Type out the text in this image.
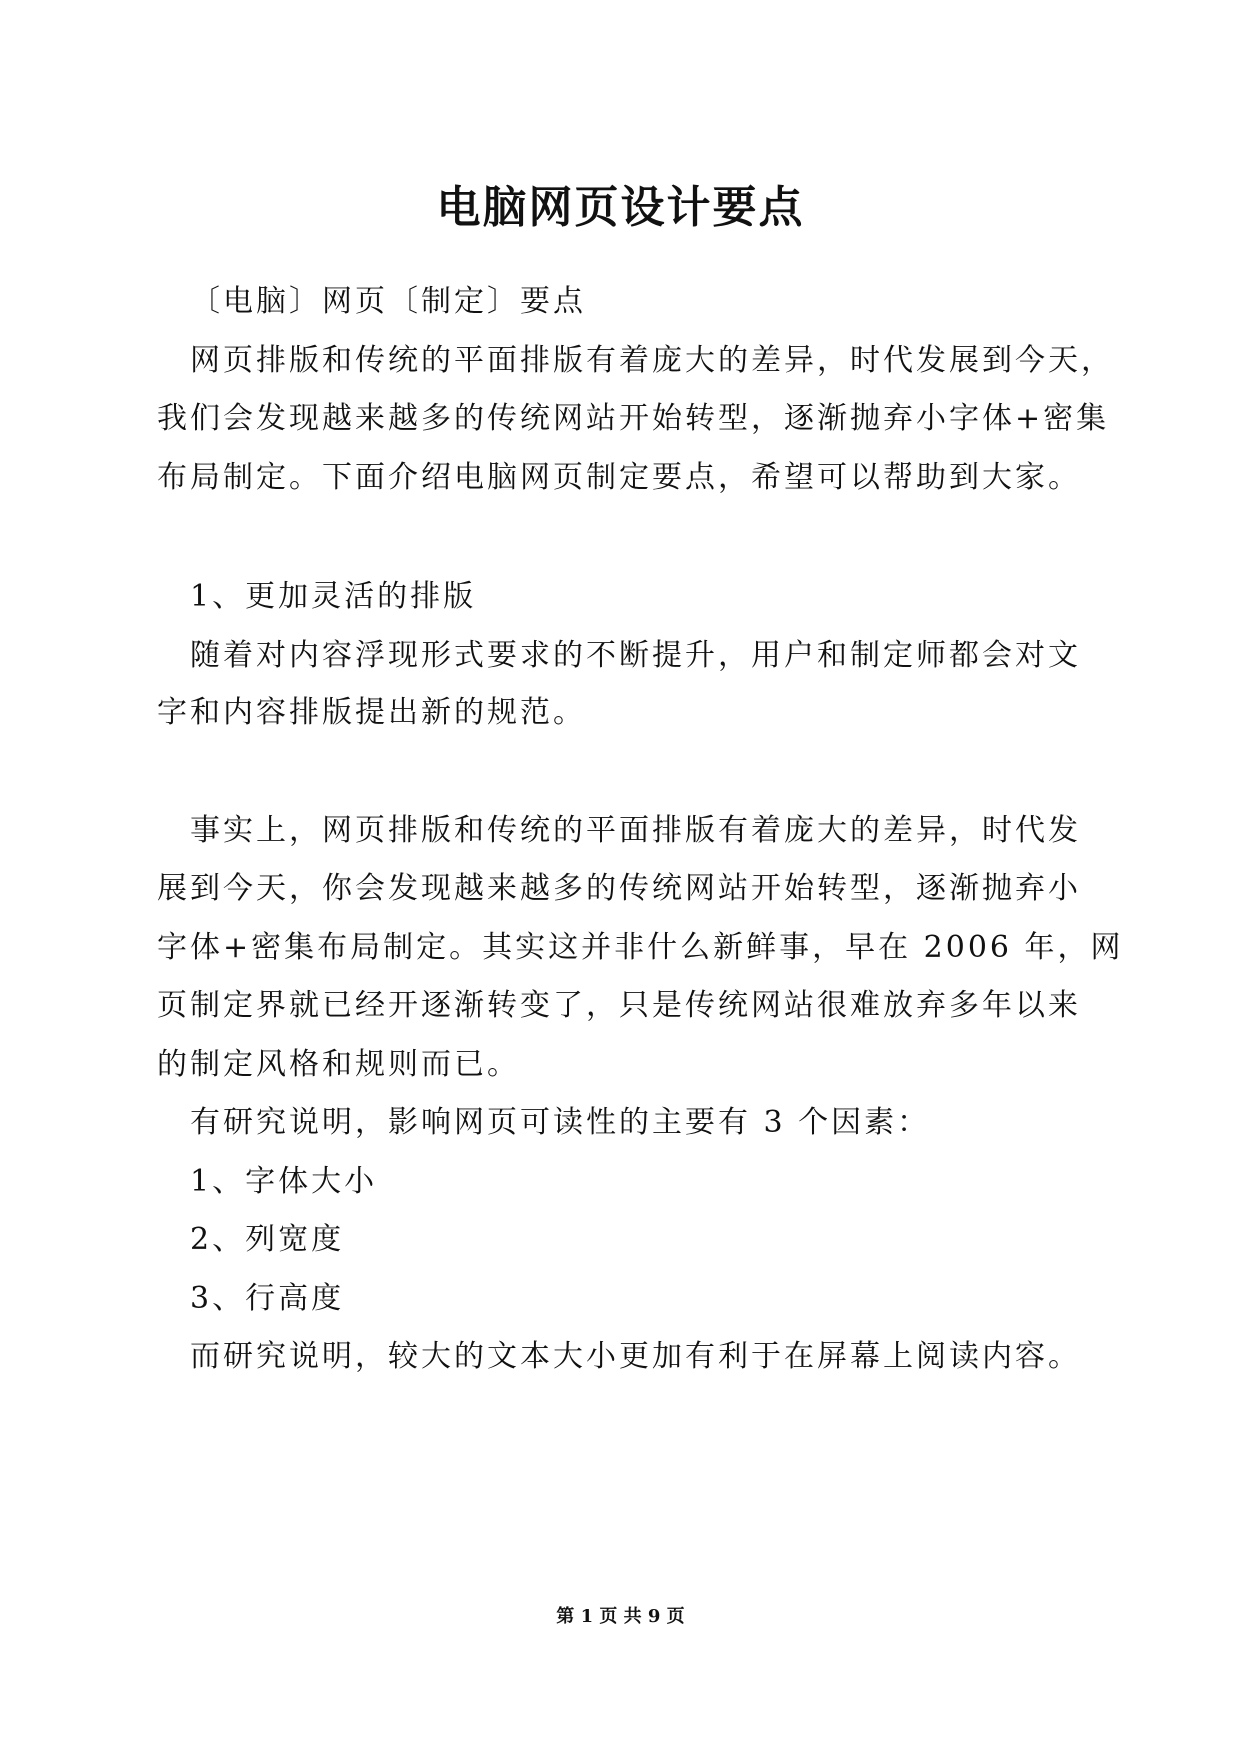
电脑网页设计要点
〔电脑〕网页〔制定〕要点
网页排版和传统的平面排版有着庞大的差异，时代发展到今天，
我们会发现越来越多的传统网站开始转型，逐渐抛弃小字体+密集
布局制定。下面介绍电脑网页制定要点，希望可以帮助到大家。
1、更加灵活的排版
随着对内容浮现形式要求的不断提升，用户和制定师都会对文
字和内容排版提出新的规范。
事实上，网页排版和传统的平面排版有着庞大的差异，时代发
展到今天，你会发现越来越多的传统网站开始转型，逐渐抛弃小
字体+密集布局制定。其实这并非什么新鲜事，早在 2006 年，网
页制定界就已经开逐渐转变了，只是传统网站很难放弃多年以来
的制定风格和规则而已。
有研究说明，影响网页可读性的主要有 3 个因素：
1、字体大小
2、列宽度
3、行高度
而研究说明，较大的文本大小更加有利于在屏幕上阅读内容。
第 1 页 共 9 页
